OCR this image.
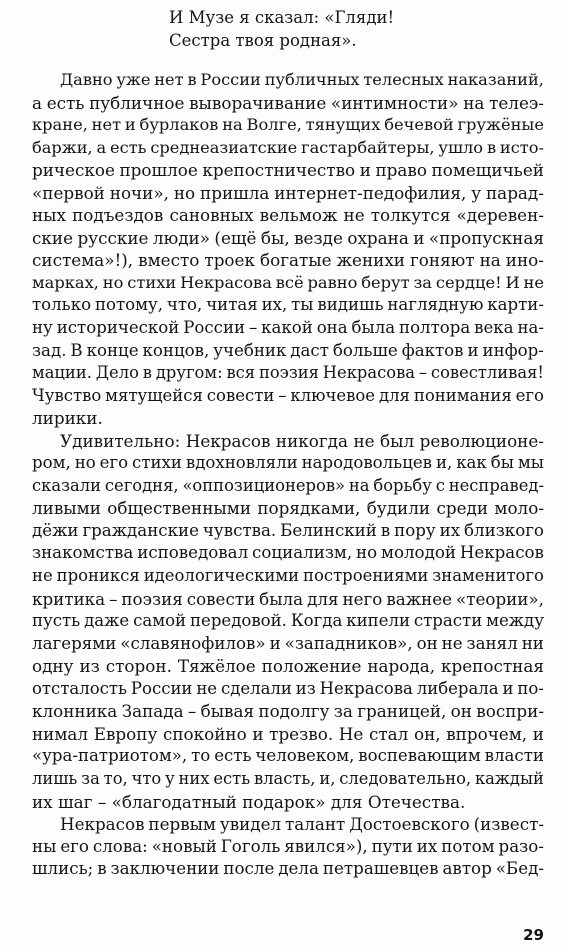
И Музе я сказал: «Гляди!
Сестра твоя родная».
Давно уже нет в России публичных телесных наказаний,
а есть публичное выворачивание «интимности» на телеэ-
кране, нет и бурлаков на Волге, тянущих бечевой гружёные
баржи, а есть среднеазиатские гастарбайтеры, ушло в исто-
рическое прошлое крепостничество и право помещичьей
«первой ночи», но пришла интернет-педофилия, у парад-
ных подъездов сановных вельмож не толкутся «деревен-
ские русские люди» (ещё бы, везде охрана и «пропускная
система»!), вместо троек богатые женихи гоняют на ино-
марках, но стихи Некрасова всё равно берут за сердце! И не
только потому, что, читая их, ты видишь наглядную карти-
ну исторической России – какой она была полтора века на-
зад. В конце концов, учебник даст больше фактов и инфор-
мации. Дело в другом: вся поэзия Некрасова – совестливая!
Чувство мятущейся совести – ключевое для понимания его
лирики.
Удивительно: Некрасов никогда не был революционе-
ром, но его стихи вдохновляли народовольцев и, как бы мы
сказали сегодня, «оппозиционеров» на борьбу с несправед-
ливыми общественными порядками, будили среди моло-
дёжи гражданские чувства. Белинский в пору их близкого
знакомства исповедовал социализм, но молодой Некрасов
не проникся идеологическими построениями знаменитого
критика – поэзия совести была для него важнее «теории»,
пусть даже самой передовой. Когда кипели страсти между
лагерями «славянофилов» и «западников», он не занял ни
одну из сторон. Тяжёлое положение народа, крепостная
отсталость России не сделали из Некрасова либерала и по-
клонника Запада – бывая подолгу за границей, он воспри-
нимал Европу спокойно и трезво. Не стал он, впрочем, и
«ура-патриотом», то есть человеком, воспевающим власти
лишь за то, что у них есть власть, и, следовательно, каждый
их шаг – «благодатный подарок» для Отечества.
Некрасов первым увидел талант Достоевского (извест-
ны его слова: «новый Гоголь явился»), пути их потом разо-
шлись; в заключении после дела петрашевцев автор «Бед-
29
